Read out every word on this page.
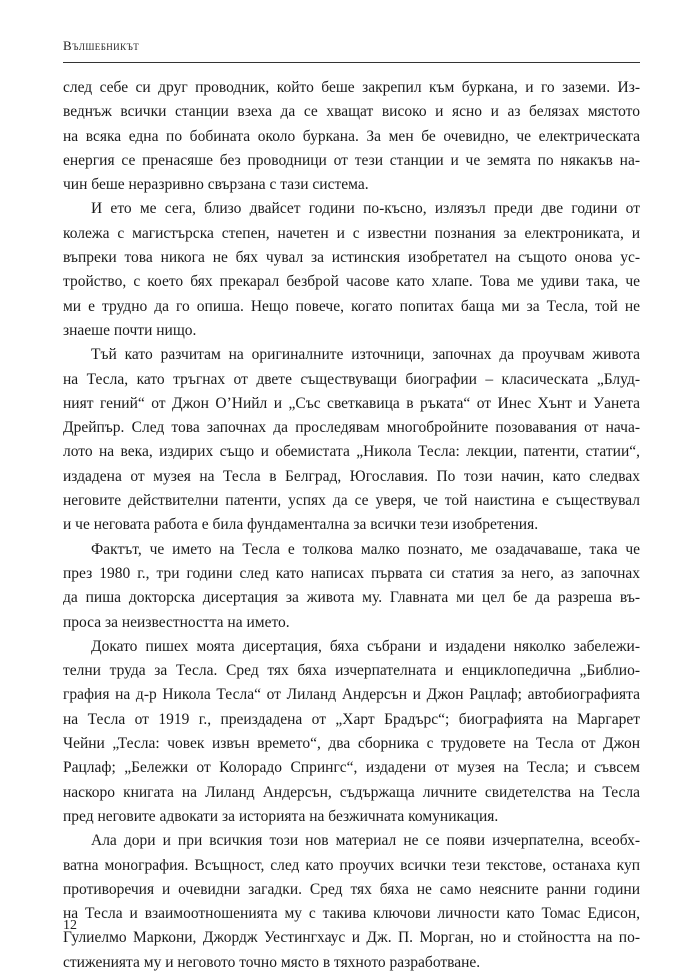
Вълшебникът
след себе си друг проводник, който беше закрепил към буркана, и го заземи. Из-
веднъж всички станции взеха да се хващат високо и ясно и аз белязах мястото
на всяка една по бобината около буркана. За мен бе очевидно, че електрическата
енергия се пренасяше без проводници от тези станции и че земята по някакъв на-
чин беше неразривно свързана с тази система.
И ето ме сега, близо двайсет години по-късно, излязъл преди две години от
колежа с магистърска степен, начетен и с известни познания за електрониката, и
въпреки това никога не бях чувал за истинския изобретател на същото онова ус-
тройство, с което бях прекарал безброй часове като хлапе. Това ме удиви така, че
ми е трудно да го опиша. Нещо повече, когато попитах баща ми за Тесла, той не
знаеше почти нищо.
Тъй като разчитам на оригиналните източници, започнах да проучвам живота
на Тесла, като тръгнах от двете съществуващи биографии – класическата „Блуд-
ният гений“ от Джон О’Нийл и „Със светкавица в ръката“ от Инес Хънт и Уанета
Дрейпър. След това започнах да проследявам многобройните позовавания от нача-
лото на века, издирих също и обемистата „Никола Тесла: лекции, патенти, статии“,
издадена от музея на Тесла в Белград, Югославия. По този начин, като следвах
неговите действителни патенти, успях да се уверя, че той наистина е съществувал
и че неговата работа е била фундаментална за всички тези изобретения.
Фактът, че името на Тесла е толкова малко познато, ме озадачаваше, така че
през 1980 г., три години след като написах първата си статия за него, аз започнах
да пиша докторска дисертация за живота му. Главната ми цел бе да разреша въ-
проса за неизвестността на името.
Докато пишех моята дисертация, бяха събрани и издадени няколко забележи-
телни труда за Тесла. Сред тях бяха изчерпателната и енциклопедична „Библио-
графия на д-р Никола Тесла“ от Лиланд Андерсън и Джон Рацлаф; автобиографията
на Тесла от 1919 г., преиздадена от „Харт Брадърс“; биографията на Маргарет
Чейни „Тесла: човек извън времето“, два сборника с трудовете на Тесла от Джон
Рацлаф; „Бележки от Колорадо Спрингс“, издадени от музея на Тесла; и съвсем
наскоро книгата на Лиланд Андерсън, съдържаща личните свидетелства на Тесла
пред неговите адвокати за историята на безжичната комуникация.
Ала дори и при всичкия този нов материал не се появи изчерпателна, всеобх-
ватна монография. Всъщност, след като проучих всички тези текстове, останаха куп
противоречия и очевидни загадки. Сред тях бяха не само неясните ранни години
на Тесла и взаимоотношенията му с такива ключови личности като Томас Едисон,
Гулиелмо Маркони, Джордж Уестингхаус и Дж. П. Морган, но и стойността на по-
стиженията му и неговото точно място в тяхното разработване.
12
